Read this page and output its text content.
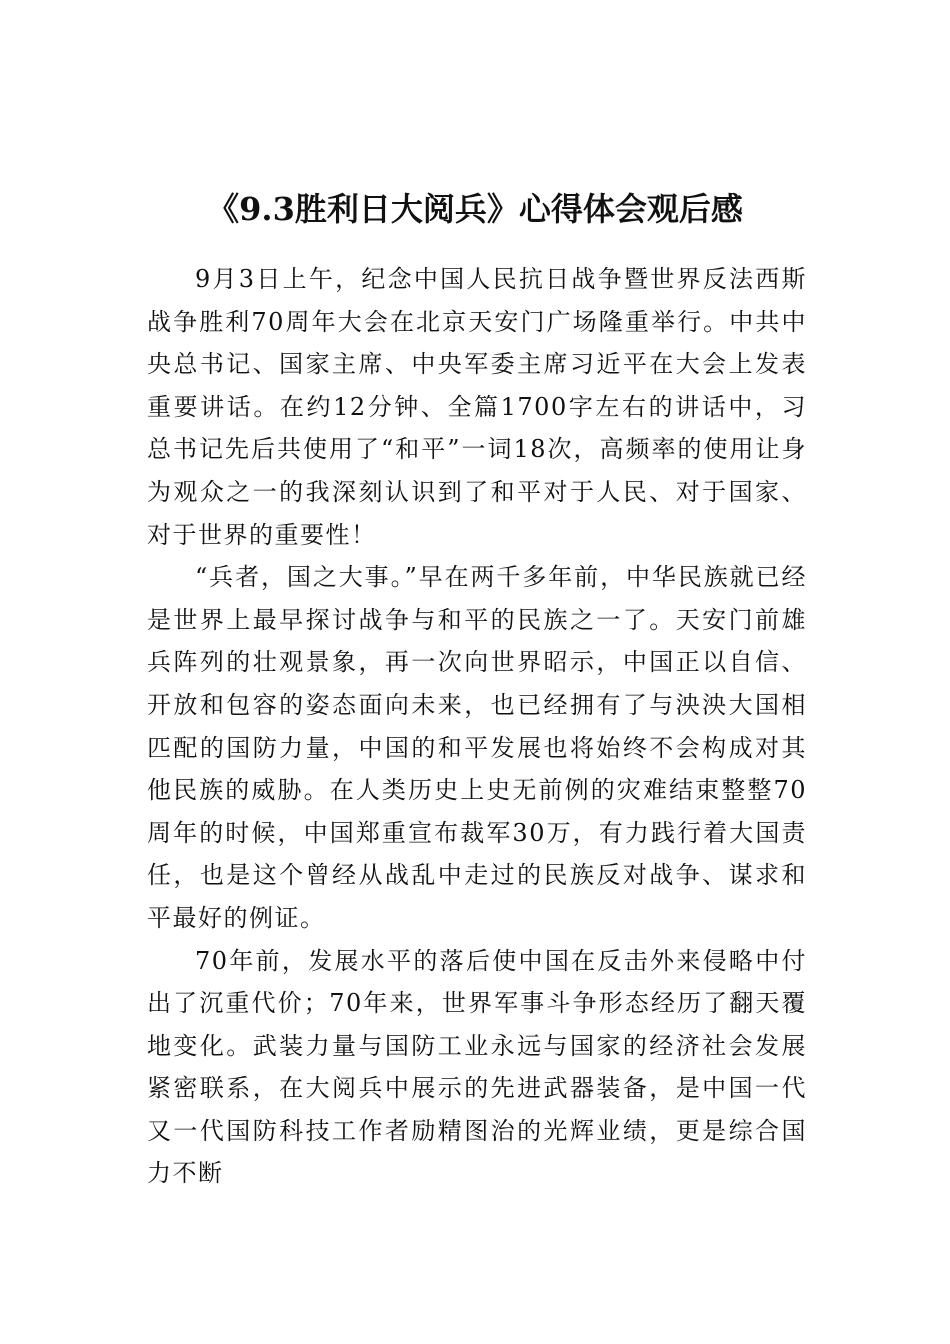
《9.3胜利日大阅兵》心得体会观后感

9月3日上午，纪念中国人民抗日战争暨世界反法西斯战争胜利70周年大会在北京天安门广场隆重举行。中共中央总书记、国家主席、中央军委主席习近平在大会上发表重要讲话。在约12分钟、全篇1700字左右的讲话中，习总书记先后共使用了“和平”一词18次，高频率的使用让身为观众之一的我深刻认识到了和平对于人民、对于国家、对于世界的重要性！

“兵者，国之大事。”早在两千多年前，中华民族就已经是世界上最早探讨战争与和平的民族之一了。天安门前雄兵阵列的壮观景象，再一次向世界昭示，中国正以自信、开放和包容的姿态面向未来，也已经拥有了与泱泱大国相匹配的国防力量，中国的和平发展也将始终不会构成对其他民族的威胁。在人类历史上史无前例的灾难结束整整70周年的时候，中国郑重宣布裁军30万，有力践行着大国责任，也是这个曾经从战乱中走过的民族反对战争、谋求和平最好的例证。

70年前，发展水平的落后使中国在反击外来侵略中付出了沉重代价；70年来，世界军事斗争形态经历了翻天覆地变化。武装力量与国防工业永远与国家的经济社会发展紧密联系，在大阅兵中展示的先进武器装备，是中国一代又一代国防科技工作者励精图治的光辉业绩，更是综合国力不断
